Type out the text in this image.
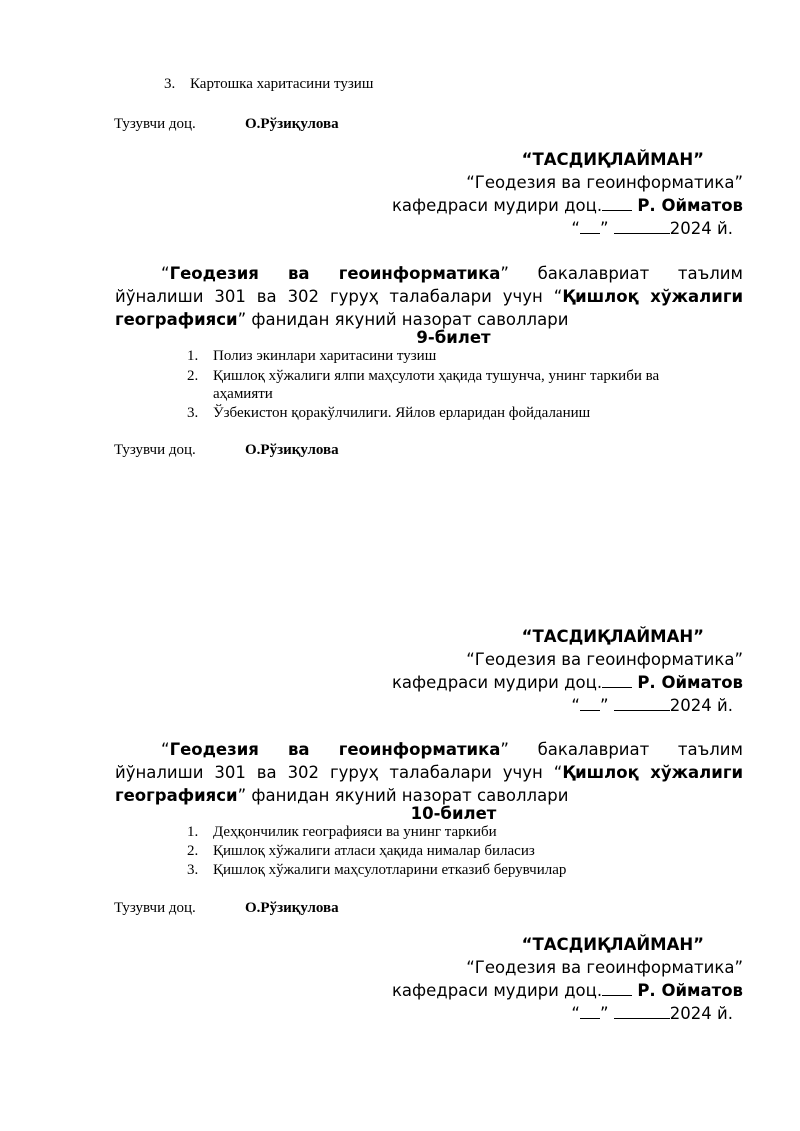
3. Картошка харитасини тузиш
Тузувчи доц.	О.Рўзиқулова
“ТАСДИҚЛАЙМАН”
“Геодезия ва геоинформатика”
кафедраси мудири доц. Р. Ойматов
“ ”	2024 й.
“Геодезия ва геоинформатика” бакалавриат таълим йўналиши 301 ва 302 гуруҳ талабалари учун “Қишлоқ хўжалиги географияси” фанидан якуний назорат саволлари
9-билет
1. Полиз экинлари харитасини тузиш
2. Қишлоқ хўжалиги ялпи маҳсулоти ҳақида тушунча, унинг таркиби ва
аҳамияти
3. Ўзбекистон қоракўлчилиги. Яйлов ерларидан фойдаланиш
Тузувчи доц.	О.Рўзиқулова
“ТАСДИҚЛАЙМАН”
“Геодезия ва геоинформатика”
кафедраси мудири доц. Р. Ойматов
“ ”	2024 й.
“Геодезия ва геоинформатика” бакалавриат таълим йўналиши 301 ва 302 гуруҳ талабалари учун “Қишлоқ хўжалиги географияси” фанидан якуний назорат саволлари
10-билет
1. Деҳқончилик географияси ва унинг таркиби
2. Қишлоқ хўжалиги атласи ҳақида нималар биласиз
3. Қишлоқ хўжалиги маҳсулотларини етказиб берувчилар
Тузувчи доц.	О.Рўзиқулова
“ТАСДИҚЛАЙМАН”
“Геодезия ва геоинформатика”
кафедраси мудири доц. Р. Ойматов
“ ”	2024 й.
